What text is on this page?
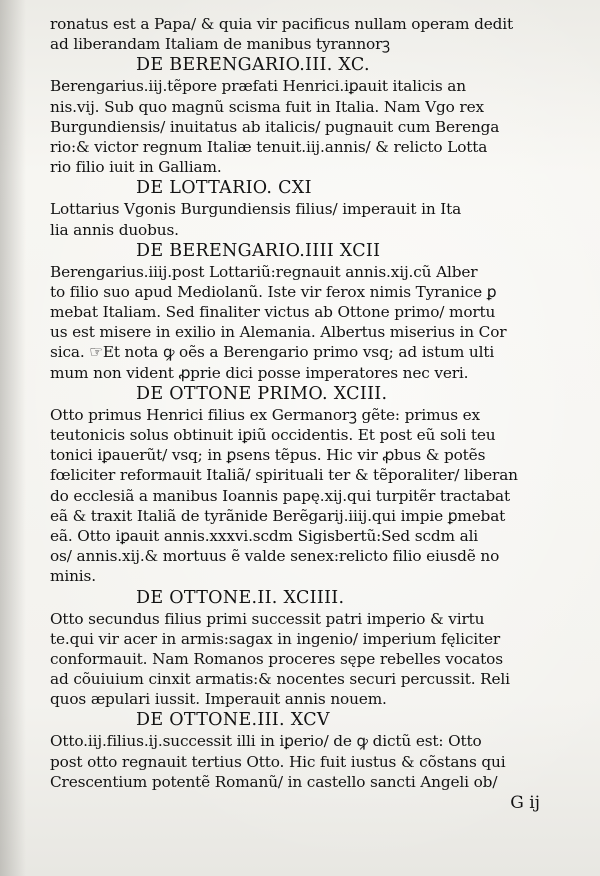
ronatus est a Papa/ & quia vir pacificus nullam operam dedit
ad liberandam Italiam de manibus tyrannorꝫ
DE BERENGARIO.III. XC.
Berengarius.iij.tẽpore præfati Henrici.iꝑauit italicis an
nis.vij. Sub quo magnũ scisma fuit in Italia. Nam Vgo rex
Burgundiensis/ inuitatus ab italicis/ pugnauit cum Berenga
rio:& victor regnum Italiæ tenuit.iij.annis/ & relicto Lotta
rio filio iuit in Galliam.
DE LOTTARIO. CXI
Lottarius Vgonis Burgundiensis filius/ imperauit in Ita
lia annis duobus.
DE BERENGARIO.IIII XCII
Berengarius.iiij.post Lottariũ:regnauit annis.xij.cũ Alber
to filio suo apud Mediolanũ. Iste vir ferox nimis Tyranice ꝑ
mebat Italiam. Sed finaliter victus ab Ottone primo/ mortu
us est misere in exilio in Alemania. Albertus miserius in Cor
sica. ☞Et nota ꝙ oẽs a Berengario primo vsq; ad istum ulti
mum non vident ꝓprie dici posse imperatores nec veri.
DE OTTONE PRIMO. XCIII.
Otto primus Henrici filius ex Germanorꝫ gẽte: primus ex
teutonicis solus obtinuit iꝑiũ occidentis. Et post eũ soli teu
tonici iꝑauerũt/ vsq; in ꝑsens tẽpus. Hic vir ꝓbus & potẽs
fœliciter reformauit Italiã/ spirituali ter & tẽporaliter/ liberan
do ecclesiã a manibus Ioannis papę.xij.qui turpitẽr tractabat
eã & traxit Italiã de tyrãnide Berẽgarij.iiij.qui impie ꝑmebat
eã. Otto iꝑauit annis.xxxvi.scdm Sigisbertũ:Sed scdm ali
os/ annis.xij.& mortuus ẽ valde senex:relicto filio eiusdẽ no
minis.
DE OTTONE.II. XCIIII.
Otto secundus filius primi successit patri imperio & virtu
te.qui vir acer in armis:sagax in ingenio/ imperium fęliciter
conformauit. Nam Romanos proceres sępe rebelles vocatos
ad cõuiuium cinxit armatis:& nocentes securi percussit. Reli
quos æpulari iussit. Imperauit annis nouem.
DE OTTONE.III. XCV
Otto.iij.filius.ij.successit illi in iꝑerio/ de ꝙ dictũ est: Otto
post otto regnauit tertius Otto. Hic fuit iustus & cõstans qui
Crescentium potentẽ Romanũ/ in castello sancti Angeli ob/
G ij
